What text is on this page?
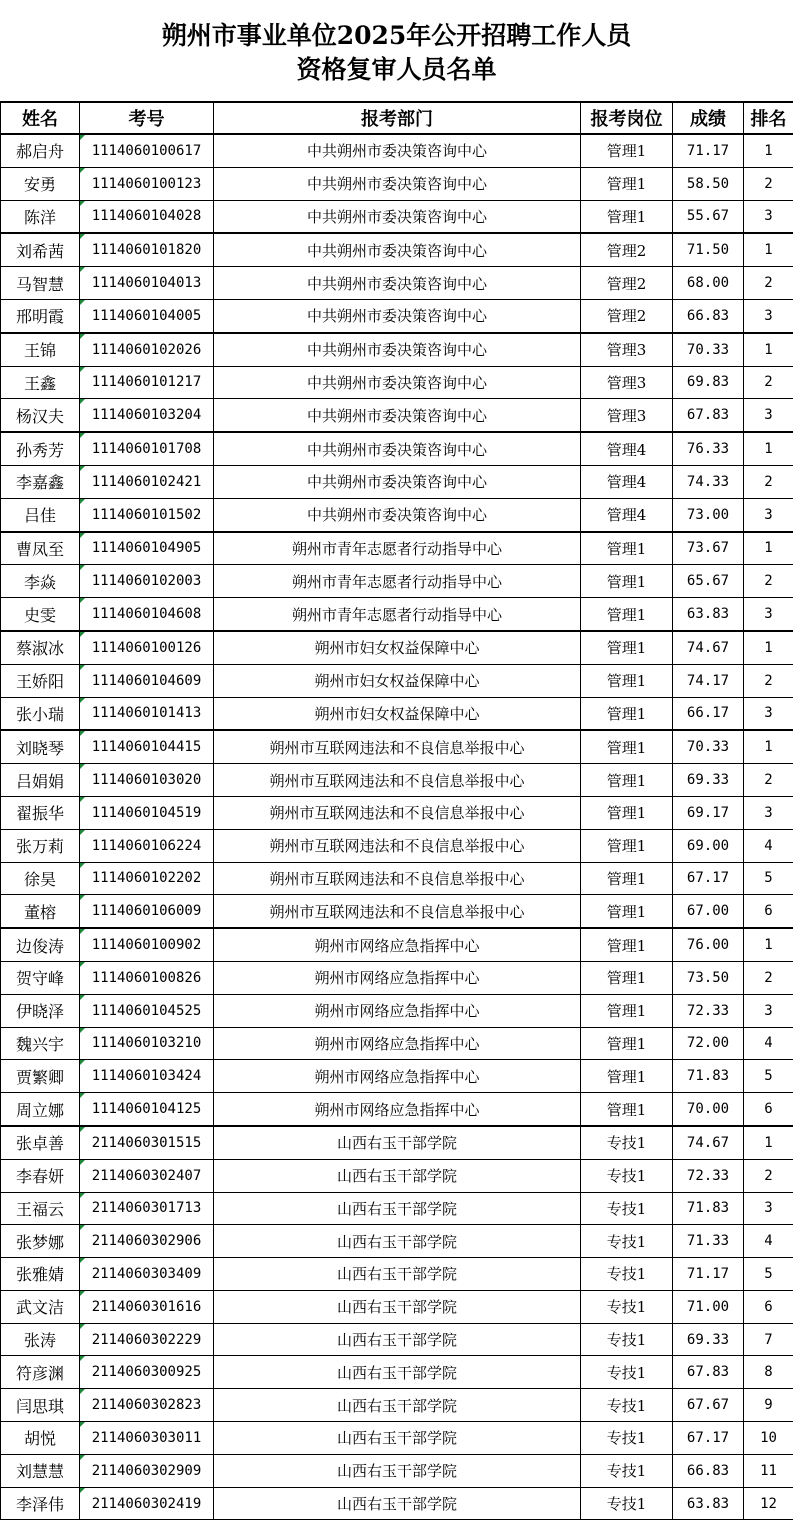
朔州市事业单位2025年公开招聘工作人员
资格复审人员名单
姓名	考号	报考部门	报考岗位	成绩	排名
郝启舟	1114060100617	中共朔州市委决策咨询中心	管理1	71.17	1
安勇	1114060100123	中共朔州市委决策咨询中心	管理1	58.50	2
陈洋	1114060104028	中共朔州市委决策咨询中心	管理1	55.67	3
刘希茜	1114060101820	中共朔州市委决策咨询中心	管理2	71.50	1
马智慧	1114060104013	中共朔州市委决策咨询中心	管理2	68.00	2
邢明霞	1114060104005	中共朔州市委决策咨询中心	管理2	66.83	3
王锦	1114060102026	中共朔州市委决策咨询中心	管理3	70.33	1
王鑫	1114060101217	中共朔州市委决策咨询中心	管理3	69.83	2
杨汉夫	1114060103204	中共朔州市委决策咨询中心	管理3	67.83	3
孙秀芳	1114060101708	中共朔州市委决策咨询中心	管理4	76.33	1
李嘉鑫	1114060102421	中共朔州市委决策咨询中心	管理4	74.33	2
吕佳	1114060101502	中共朔州市委决策咨询中心	管理4	73.00	3
曹凤至	1114060104905	朔州市青年志愿者行动指导中心	管理1	73.67	1
李焱	1114060102003	朔州市青年志愿者行动指导中心	管理1	65.67	2
史雯	1114060104608	朔州市青年志愿者行动指导中心	管理1	63.83	3
蔡淑冰	1114060100126	朔州市妇女权益保障中心	管理1	74.67	1
王娇阳	1114060104609	朔州市妇女权益保障中心	管理1	74.17	2
张小瑞	1114060101413	朔州市妇女权益保障中心	管理1	66.17	3
刘晓琴	1114060104415	朔州市互联网违法和不良信息举报中心	管理1	70.33	1
吕娟娟	1114060103020	朔州市互联网违法和不良信息举报中心	管理1	69.33	2
翟振华	1114060104519	朔州市互联网违法和不良信息举报中心	管理1	69.17	3
张万莉	1114060106224	朔州市互联网违法和不良信息举报中心	管理1	69.00	4
徐昊	1114060102202	朔州市互联网违法和不良信息举报中心	管理1	67.17	5
董榕	1114060106009	朔州市互联网违法和不良信息举报中心	管理1	67.00	6
边俊涛	1114060100902	朔州市网络应急指挥中心	管理1	76.00	1
贺守峰	1114060100826	朔州市网络应急指挥中心	管理1	73.50	2
伊晓泽	1114060104525	朔州市网络应急指挥中心	管理1	72.33	3
魏兴宇	1114060103210	朔州市网络应急指挥中心	管理1	72.00	4
贾繁卿	1114060103424	朔州市网络应急指挥中心	管理1	71.83	5
周立娜	1114060104125	朔州市网络应急指挥中心	管理1	70.00	6
张卓善	2114060301515	山西右玉干部学院	专技1	74.67	1
李春妍	2114060302407	山西右玉干部学院	专技1	72.33	2
王福云	2114060301713	山西右玉干部学院	专技1	71.83	3
张梦娜	2114060302906	山西右玉干部学院	专技1	71.33	4
张雅婧	2114060303409	山西右玉干部学院	专技1	71.17	5
武文洁	2114060301616	山西右玉干部学院	专技1	71.00	6
张涛	2114060302229	山西右玉干部学院	专技1	69.33	7
符彦渊	2114060300925	山西右玉干部学院	专技1	67.83	8
闫思琪	2114060302823	山西右玉干部学院	专技1	67.67	9
胡悦	2114060303011	山西右玉干部学院	专技1	67.17	10
刘慧慧	2114060302909	山西右玉干部学院	专技1	66.83	11
李泽伟	2114060302419	山西右玉干部学院	专技1	63.83	12
